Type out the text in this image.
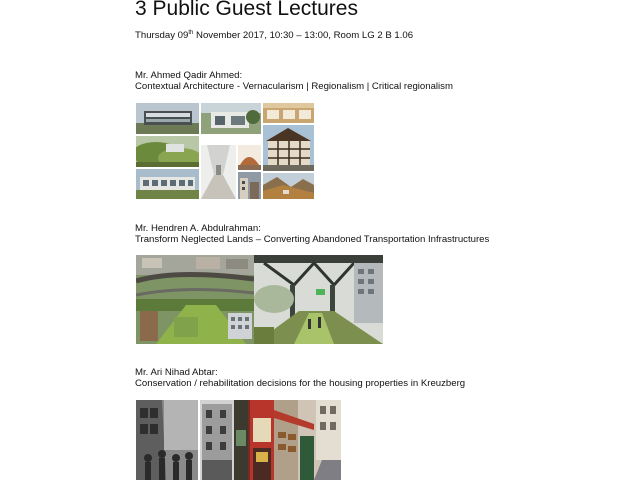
3 Public Guest Lectures
Thursday 09th November 2017, 10:30 – 13:00, Room LG 2 B 1.06
Mr. Ahmed Qadir Ahmed:
Contextual Architecture - Vernacularism | Regionalism | Critical regionalism
Mr. Hendren A. Abdulrahman:
Transform Neglected Lands – Converting Abandoned Transportation Infrastructures
Mr. Ari Nihad Abtar:
Conservation / rehabilitation decisions for the housing properties in Kreuzberg
